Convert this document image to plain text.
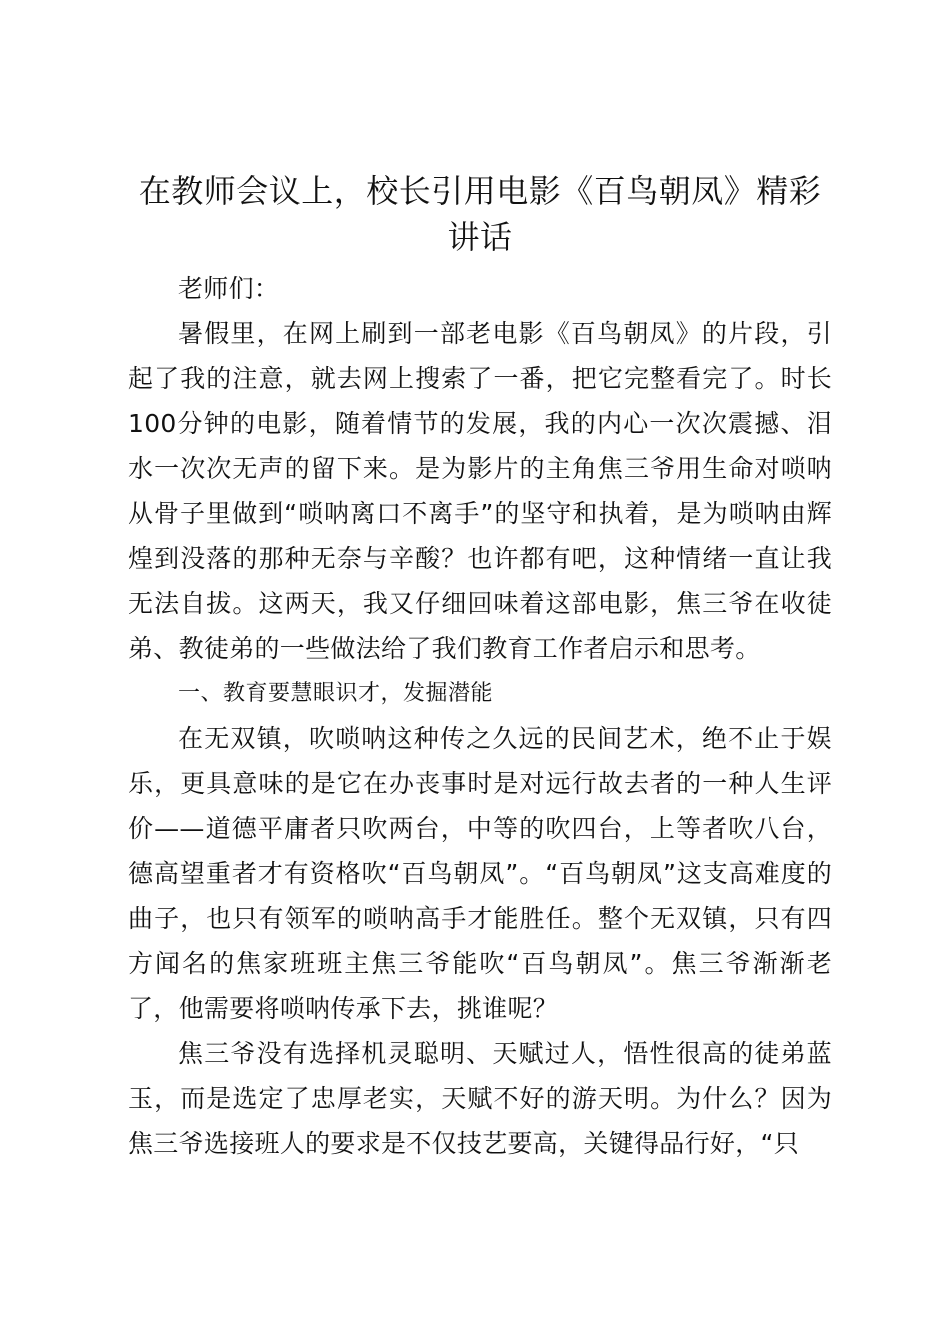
在教师会议上，校长引用电影《百鸟朝凤》精彩讲话

老师们：

暑假里，在网上刷到一部老电影《百鸟朝凤》的片段，引起了我的注意，就去网上搜索了一番，把它完整看完了。时长100分钟的电影，随着情节的发展，我的内心一次次震撼、泪水一次次无声的留下来。是为影片的主角焦三爷用生命对唢呐从骨子里做到“唢呐离口不离手”的坚守和执着，是为唢呐由辉煌到没落的那种无奈与辛酸？也许都有吧，这种情绪一直让我无法自拔。这两天，我又仔细回味着这部电影，焦三爷在收徒弟、教徒弟的一些做法给了我们教育工作者启示和思考。

一、教育要慧眼识才，发掘潜能

在无双镇，吹唢呐这种传之久远的民间艺术，绝不止于娱乐，更具意味的是它在办丧事时是对远行故去者的一种人生评价——道德平庸者只吹两台，中等的吹四台，上等者吹八台，德高望重者才有资格吹“百鸟朝凤”。“百鸟朝凤”这支高难度的曲子，也只有领军的唢呐高手才能胜任。整个无双镇，只有四方闻名的焦家班班主焦三爷能吹“百鸟朝凤”。焦三爷渐渐老了，他需要将唢呐传承下去，挑谁呢？

焦三爷没有选择机灵聪明、天赋过人，悟性很高的徒弟蓝玉，而是选定了忠厚老实，天赋不好的游天明。为什么？因为焦三爷选接班人的要求是不仅技艺要高，关键得品行好，“只
